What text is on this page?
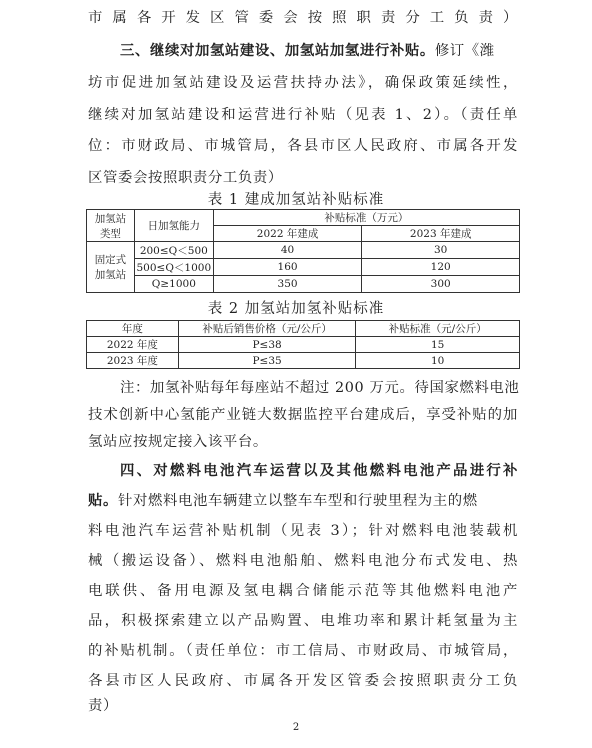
市属各开发区管委会按照职责分工负责）
三、继续对加氢站建设、加氢站加氢进行补贴。修订《潍
坊市促进加氢站建设及运营扶持办法》，确保政策延续性，
继续对加氢站建设和运营进行补贴（见表 1、2）。（责任单
位：市财政局、市城管局，各县市区人民政府、市属各开发
区管委会按照职责分工负责）
表 1 建成加氢站补贴标准
加氢站
类型	日加氢能力	补贴标准（万元）	
		2022 年建成	2023 年建成

固定式
加氢站	200≤Q＜500	40	30
	500≤Q＜1000	160	120
	Q≥1000	350	300
表 2 加氢站加氢补贴标准
年度	补贴后销售价格（元/公斤）	补贴标准（元/公斤）
2022 年度	P≤38	15
2023 年度	P≤35	10
注：加氢补贴每年每座站不超过 200 万元。待国家燃料电池
技术创新中心氢能产业链大数据监控平台建成后，享受补贴的加
氢站应按规定接入该平台。
四、对燃料电池汽车运营以及其他燃料电池产品进行补
贴。针对燃料电池车辆建立以整车车型和行驶里程为主的燃
料电池汽车运营补贴机制（见表 3）；针对燃料电池装载机
械（搬运设备）、燃料电池船舶、燃料电池分布式发电、热
电联供、备用电源及氢电耦合储能示范等其他燃料电池产
品，积极探索建立以产品购置、电堆功率和累计耗氢量为主
的补贴机制。（责任单位：市工信局、市财政局、市城管局，
各县市区人民政府、市属各开发区管委会按照职责分工负
责）
2
